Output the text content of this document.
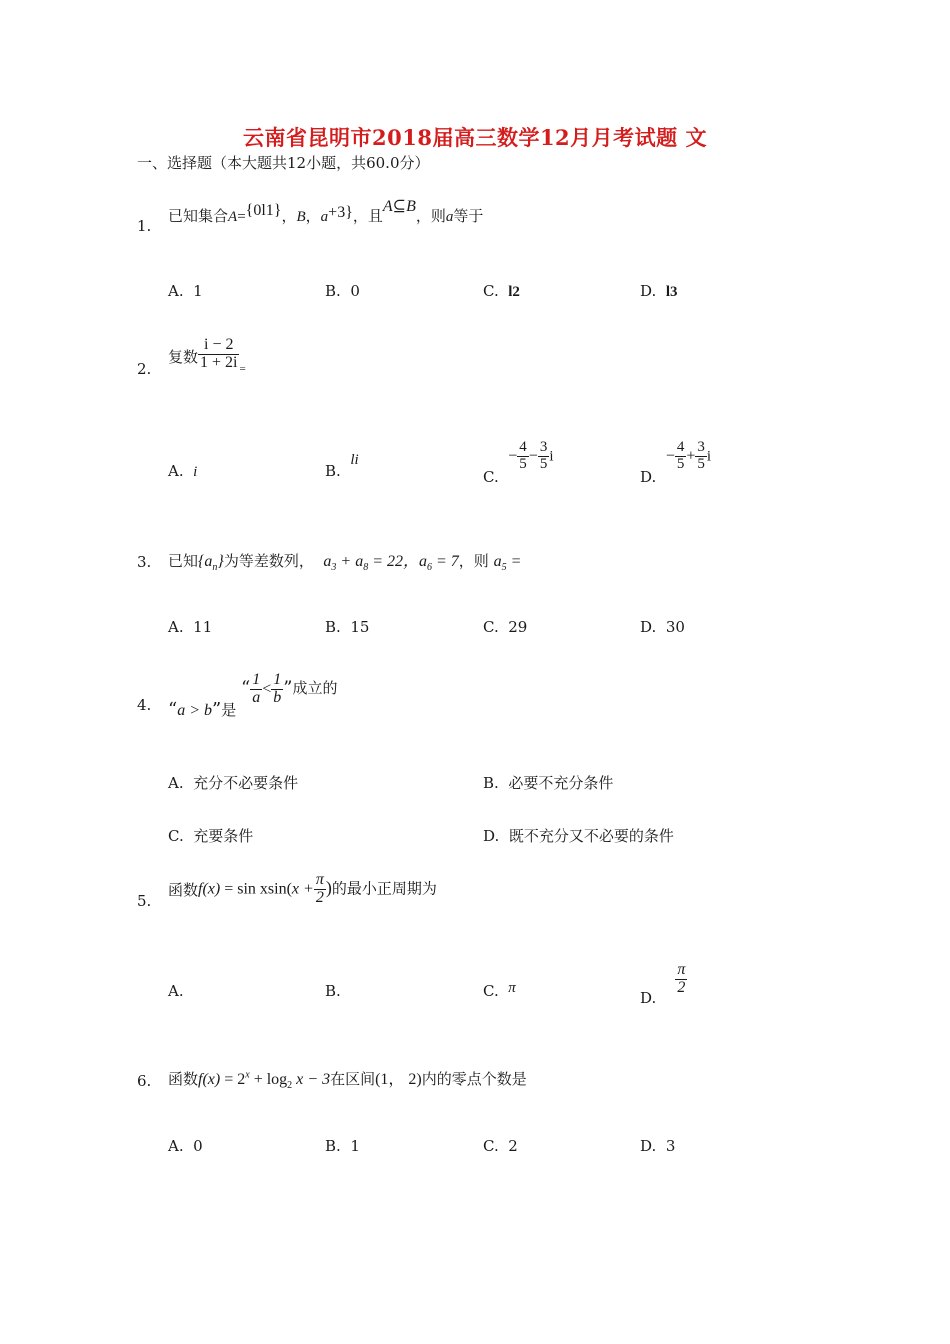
云南省昆明市2018届高三数学12月月考试题 文
一、选择题（本大题共12小题，共60.0分）
1.
已知集合A={0l1}，B，a+3}，且A⊆B，则a等于
A. 1	B. 0	C. l2	D. l3
2.
复数 $\frac{i - 2}{1 + 2i} _=$
A. i	B.  li
C.  − $\frac{4}{5} - \frac{3}{5}$ i
D.  − $\frac{4}{5} + \frac{3}{5}$ i
3. 已知$\{a_n\}$为等差数列， $a_3 + a_8 = 22$，$a_6 = 7$，则 $a_5$ =
A. 11	B. 15	C. 29	D. 30
4. “a > b”是 “ $\frac{1}{a} < \frac{1}{b}$ ”成立的
A. 充分不必要条件	B. 必要不充分条件
C. 充要条件	D. 既不充分又不必要的条件
5.
函数$f(x) = \sin xsin(x + \frac{\pi}{2}$ )的最小正周期为
A.	B.	C. π
D.
$\frac{\pi}{2}$
6. 函数$f(x) = 2^x + \log_2 x - 3$在区间(1， 2)内的零点个数是
A. 0	B. 1	C. 2	D. 3
